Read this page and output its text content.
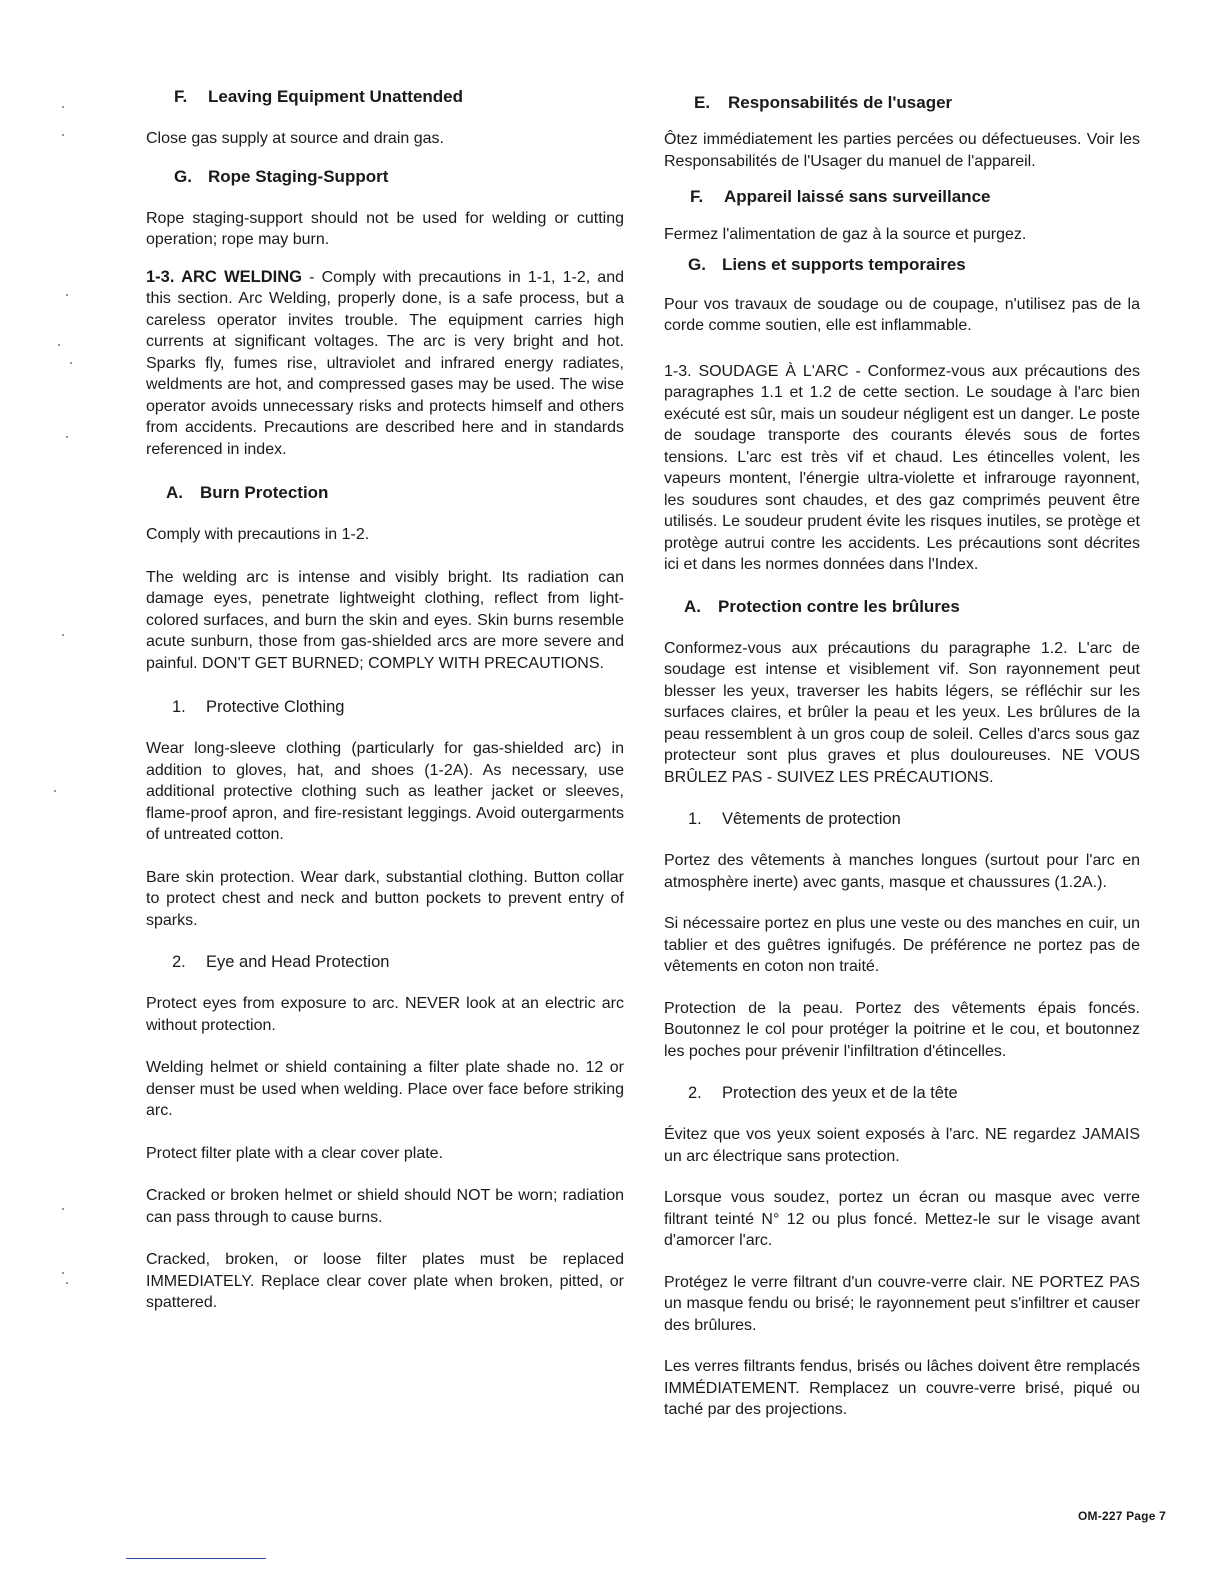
F. Leaving Equipment Unattended

Close gas supply at source and drain gas.

G. Rope Staging-Support

Rope staging-support should not be used for welding or cutting operation; rope may burn.

1-3. ARC WELDING - Comply with precautions in 1-1, 1-2, and this section. Arc Welding, properly done, is a safe process, but a careless operator invites trouble. The equipment carries high currents at significant voltages. The arc is very bright and hot. Sparks fly, fumes rise, ultraviolet and infrared energy radiates, weldments are hot, and compressed gases may be used. The wise operator avoids unnecessary risks and protects himself and others from accidents. Precautions are described here and in standards referenced in index.

A. Burn Protection

Comply with precautions in 1-2.

The welding arc is intense and visibly bright. Its radiation can damage eyes, penetrate lightweight clothing, reflect from light-colored surfaces, and burn the skin and eyes. Skin burns resemble acute sunburn, those from gas-shielded arcs are more severe and painful. DON'T GET BURNED; COMPLY WITH PRECAUTIONS.

1. Protective Clothing

Wear long-sleeve clothing (particularly for gas-shielded arc) in addition to gloves, hat, and shoes (1-2A). As necessary, use additional protective clothing such as leather jacket or sleeves, flame-proof apron, and fire-resistant leggings. Avoid outergarments of untreated cotton.

Bare skin protection. Wear dark, substantial clothing. Button collar to protect chest and neck and button pockets to prevent entry of sparks.

2. Eye and Head Protection

Protect eyes from exposure to arc. NEVER look at an electric arc without protection.

Welding helmet or shield containing a filter plate shade no. 12 or denser must be used when welding. Place over face before striking arc.

Protect filter plate with a clear cover plate.

Cracked or broken helmet or shield should NOT be worn; radiation can pass through to cause burns.

Cracked, broken, or loose filter plates must be replaced IMMEDIATELY. Replace clear cover plate when broken, pitted, or spattered.

E. Responsabilités de l'usager

Ôtez immédiatement les parties percées ou défectueuses. Voir les Responsabilités de l'Usager du manuel de l'appareil.

F. Appareil laissé sans surveillance

Fermez l'alimentation de gaz à la source et purgez.

G. Liens et supports temporaires

Pour vos travaux de soudage ou de coupage, n'utilisez pas de la corde comme soutien, elle est inflammable.

1-3. SOUDAGE À L'ARC - Conformez-vous aux précautions des paragraphes 1.1 et 1.2 de cette section. Le soudage à l'arc bien exécuté est sûr, mais un soudeur négligent est un danger. Le poste de soudage transporte des courants élevés sous de fortes tensions. L'arc est très vif et chaud. Les étincelles volent, les vapeurs montent, l'énergie ultra-violette et infrarouge rayonnent, les soudures sont chaudes, et des gaz comprimés peuvent être utilisés. Le soudeur prudent évite les risques inutiles, se protège et protège autrui contre les accidents. Les précautions sont décrites ici et dans les normes données dans l'Index.

A. Protection contre les brûlures

Conformez-vous aux précautions du paragraphe 1.2. L'arc de soudage est intense et visiblement vif. Son rayonnement peut blesser les yeux, traverser les habits légers, se réfléchir sur les surfaces claires, et brûler la peau et les yeux. Les brûlures de la peau ressemblent à un gros coup de soleil. Celles d'arcs sous gaz protecteur sont plus graves et plus douloureuses. NE VOUS BRÛLEZ PAS - SUIVEZ LES PRÉCAUTIONS.

1. Vêtements de protection

Portez des vêtements à manches longues (surtout pour l'arc en atmosphère inerte) avec gants, masque et chaussures (1.2A.).

Si nécessaire portez en plus une veste ou des manches en cuir, un tablier et des guêtres ignifugés. De préférence ne portez pas de vêtements en coton non traité.

Protection de la peau. Portez des vêtements épais foncés. Boutonnez le col pour protéger la poitrine et le cou, et boutonnez les poches pour prévenir l'infiltration d'étincelles.

2. Protection des yeux et de la tête

Évitez que vos yeux soient exposés à l'arc. NE regardez JAMAIS un arc électrique sans protection.

Lorsque vous soudez, portez un écran ou masque avec verre filtrant teinté N° 12 ou plus foncé. Mettez-le sur le visage avant d'amorcer l'arc.

Protégez le verre filtrant d'un couvre-verre clair. NE PORTEZ PAS un masque fendu ou brisé; le rayonnement peut s'infiltrer et causer des brûlures.

Les verres filtrants fendus, brisés ou lâches doivent être remplacés IMMÉDIATEMENT. Remplacez un couvre-verre brisé, piqué ou taché par des projections.

OM-227 Page 7
